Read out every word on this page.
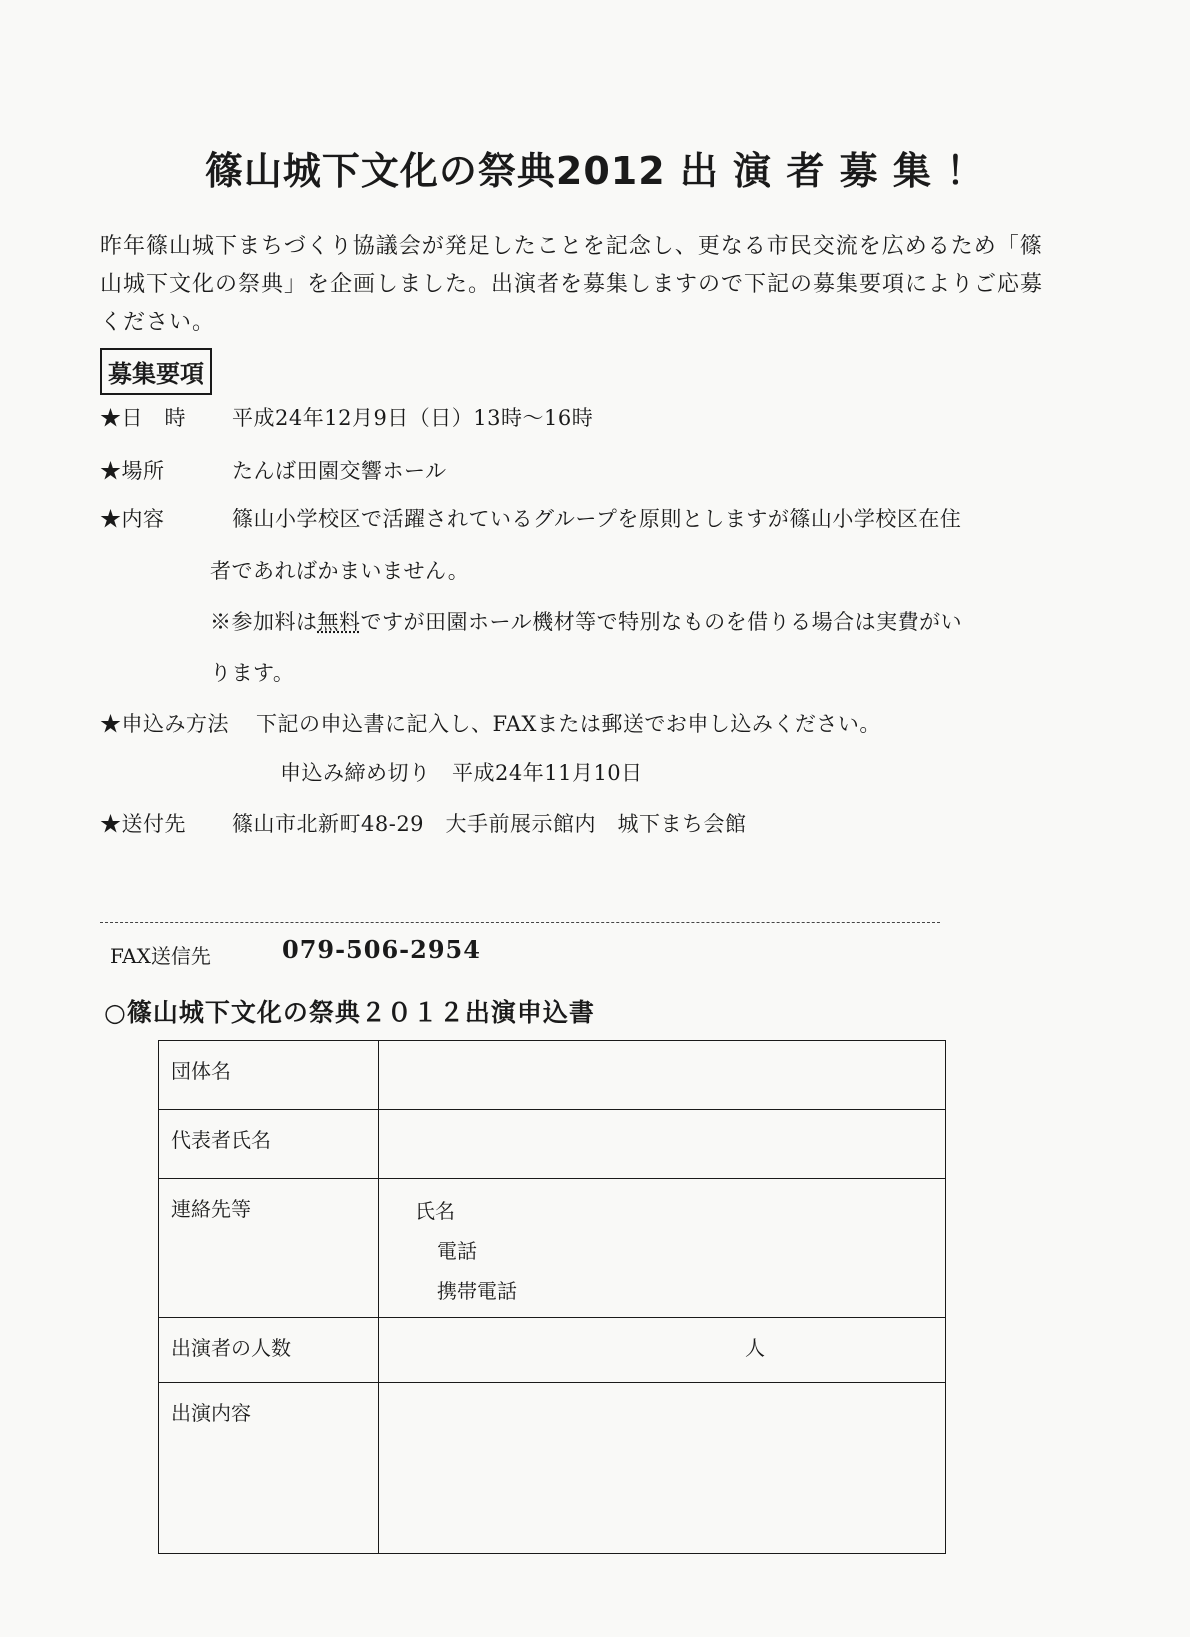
篠山城下文化の祭典2012 出 演 者 募 集 ！
昨年篠山城下まちづくり協議会が発足したことを記念し、更なる市民交流を広めるため「篠山城下文化の祭典」を企画しました。出演者を募集しますので下記の募集要項によりご応募ください。
募集要項
★日　時 平成24年12月9日（日）13時～16時
★場所	たんば田園交響ホール
★内容	篠山小学校区で活躍されているグループを原則としますが篠山小学校区在住
者であればかまいません。
※参加料は無料ですが田園ホール機材等で特別なものを借りる場合は実費がい
ります。
★申込み方法 下記の申込書に記入し、FAXまたは郵送でお申し込みください。
申込み締め切り　平成24年11月10日
★送付先 篠山市北新町48-29　大手前展示館内　城下まち会館
FAX送信先	079-506-2954
○篠山城下文化の祭典２０１２出演申込書
団体名	
代表者氏名	
連絡先等	氏名
電話
携帯電話

出演者の人数	人

出演内容	
